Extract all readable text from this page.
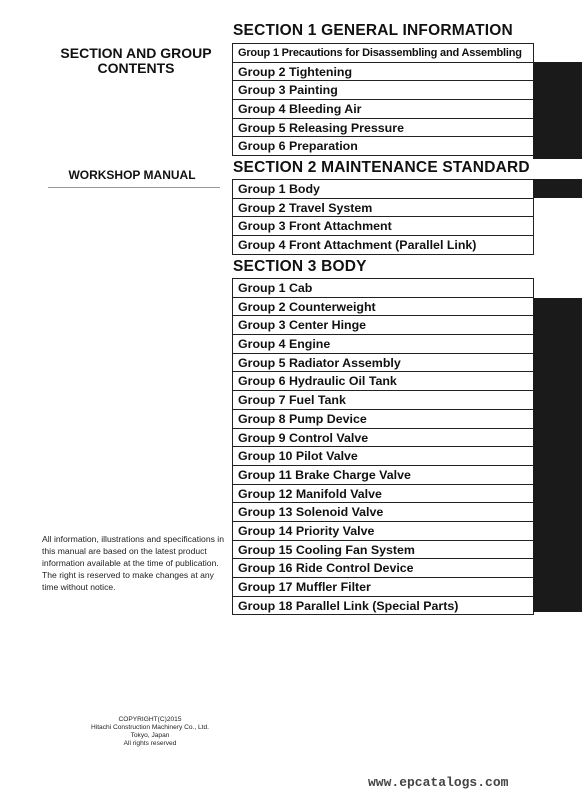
SECTION AND GROUP
CONTENTS
WORKSHOP MANUAL
All information, illustrations and specifications in this manual are based on the latest product information available at the time of publication. The right is reserved to make changes at any time without notice.
COPYRIGHT(C)2015
Hitachi Construction Machinery Co., Ltd.
Tokyo, Japan
All rights reserved
SECTION 1 GENERAL INFORMATION
Group 1 Precautions for Disassembling and Assembling
Group 2 Tightening
Group 3 Painting
Group 4 Bleeding Air
Group 5 Releasing Pressure
Group 6 Preparation
SECTION 2 MAINTENANCE STANDARD
Group 1 Body
Group 2 Travel System
Group 3 Front Attachment
Group 4 Front Attachment (Parallel Link)
SECTION 3 BODY
Group 1 Cab
Group 2 Counterweight
Group 3 Center Hinge
Group 4 Engine
Group 5 Radiator Assembly
Group 6 Hydraulic Oil Tank
Group 7 Fuel Tank
Group 8 Pump Device
Group 9 Control Valve
Group 10 Pilot Valve
Group 11 Brake Charge Valve
Group 12 Manifold Valve
Group 13 Solenoid Valve
Group 14 Priority Valve
Group 15 Cooling Fan System
Group 16 Ride Control Device
Group 17 Muffler Filter
Group 18 Parallel Link (Special Parts)
www.epcatalogs.com
